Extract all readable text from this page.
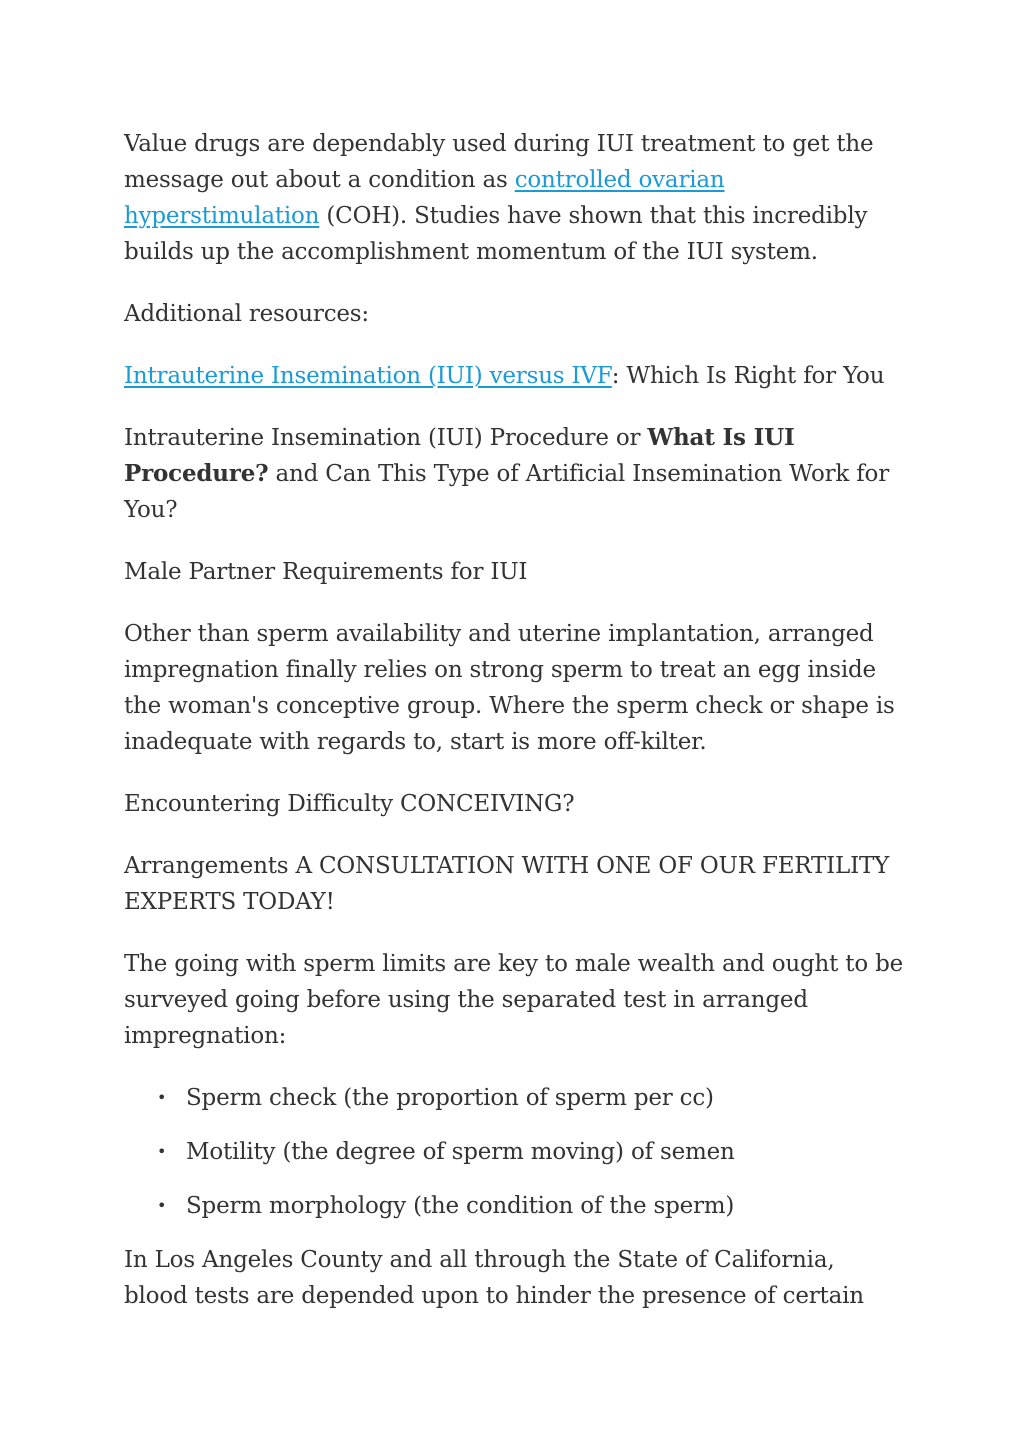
Value drugs are dependably used during IUI treatment to get the message out about a condition as controlled ovarian hyperstimulation (COH). Studies have shown that this incredibly builds up the accomplishment momentum of the IUI system.

Additional resources:

Intrauterine Insemination (IUI) versus IVF: Which Is Right for You

Intrauterine Insemination (IUI) Procedure or What Is IUI Procedure? and Can This Type of Artificial Insemination Work for You?

Male Partner Requirements for IUI

Other than sperm availability and uterine implantation, arranged impregnation finally relies on strong sperm to treat an egg inside the woman's conceptive group. Where the sperm check or shape is inadequate with regards to, start is more off-kilter.

Encountering Difficulty CONCEIVING?

Arrangements A CONSULTATION WITH ONE OF OUR FERTILITY EXPERTS TODAY!

The going with sperm limits are key to male wealth and ought to be surveyed going before using the separated test in arranged impregnation:

• Sperm check (the proportion of sperm per cc)
• Motility (the degree of sperm moving) of semen
• Sperm morphology (the condition of the sperm)

In Los Angeles County and all through the State of California, blood tests are depended upon to hinder the presence of certain
